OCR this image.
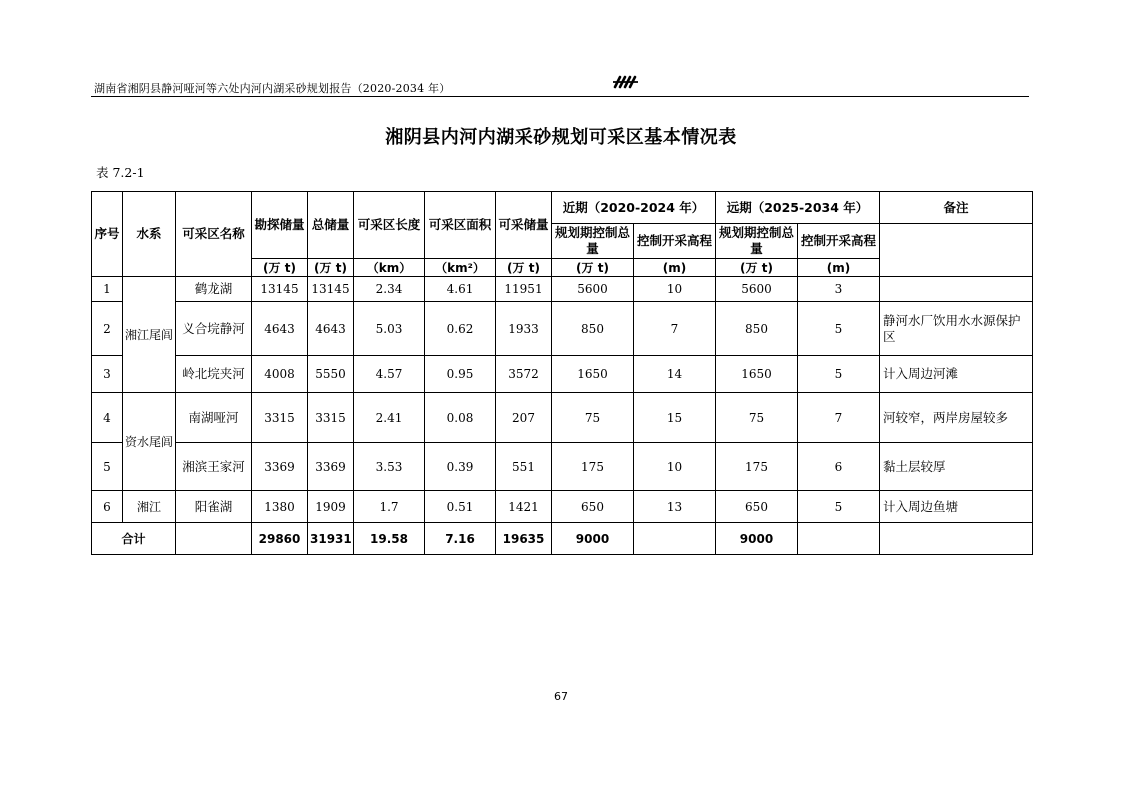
湖南省湘阴县静河哑河等六处内河内湖采砂规划报告（2020-2034 年）
湘阴县内河内湖采砂规划可采区基本情况表
表 7.2-1
序号	水系	可采区名称	勘探储量	总储量	可采区长度	可采区面积	可采储量	近期（2020-2024 年）		远期（2025-2034 年）		备注
								规划期控制总量	控制开采高程	规划期控制总量	控制开采高程	
			(万 t)	(万 t)	（km）	（km²）	(万 t)	(万 t)	(m)	(万 t)	(m)	
1	湘江尾闾	鹤龙湖	13145	13145	2.34	4.61	11951	5600	10	5600	3	
2		义合垸静河	4643	4643	5.03	0.62	1933	850	7	850	5	静河水厂饮用水水源保护区
3		岭北垸夹河	4008	5550	4.57	0.95	3572	1650	14	1650	5	计入周边河滩
4	资水尾闾	南湖哑河	3315	3315	2.41	0.08	207	75	15	75	7	河较窄，两岸房屋较多
5		湘滨王家河	3369	3369	3.53	0.39	551	175	10	175	6	黏土层较厚
6	湘江	阳雀湖	1380	1909	1.7	0.51	1421	650	13	650	5	计入周边鱼塘
合计			29860	31931	19.58	7.16	19635	9000		9000		
67
